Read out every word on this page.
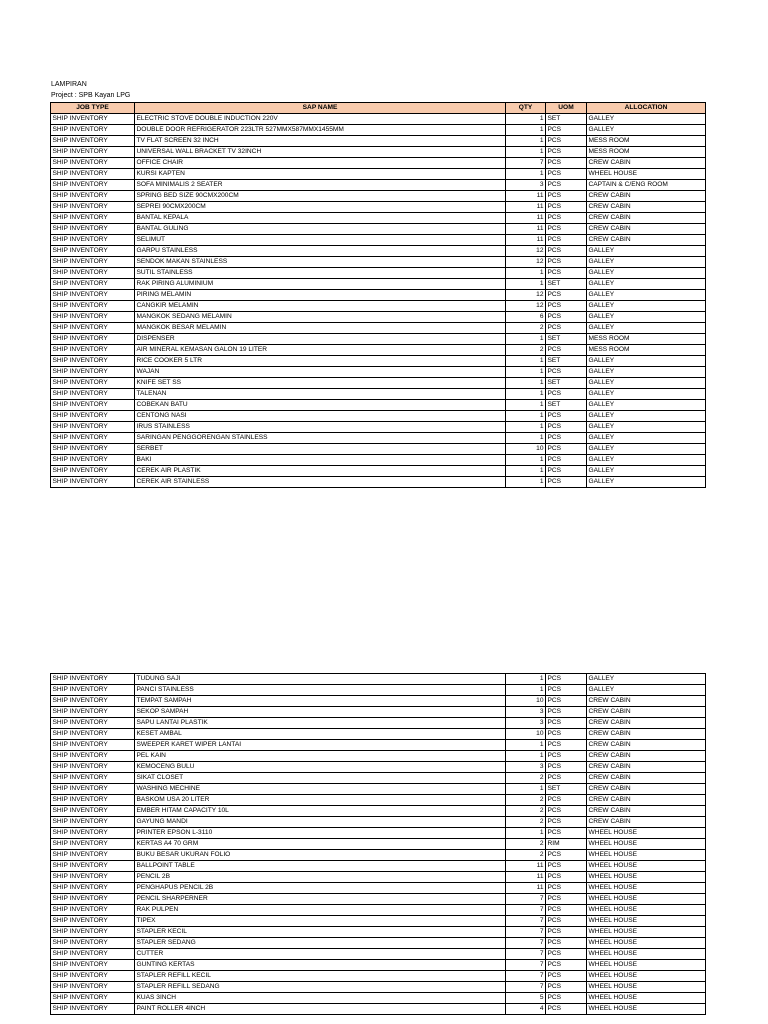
LAMPIRAN
Project : SPB Kayan LPG
JOB TYPE	SAP NAME	QTY	UOM	ALLOCATION
SHIP INVENTORY	ELECTRIC STOVE DOUBLE INDUCTION 220V	1	SET	GALLEY
SHIP INVENTORY	DOUBLE DOOR REFRIGERATOR 223LTR 527MMX587MMX1455MM	1	PCS	GALLEY
SHIP INVENTORY	TV FLAT SCREEN 32 INCH	1	PCS	MESS ROOM
SHIP INVENTORY	UNIVERSAL WALL BRACKET TV 32INCH	1	PCS	MESS ROOM
SHIP INVENTORY	OFFICE CHAIR	7	PCS	CREW CABIN
SHIP INVENTORY	KURSI KAPTEN	1	PCS	WHEEL HOUSE
SHIP INVENTORY	SOFA MINIMALIS 2 SEATER	3	PCS	CAPTAIN & C/ENG ROOM
SHIP INVENTORY	SPRING BED SIZE 90CMX200CM	11	PCS	CREW CABIN
SHIP INVENTORY	SEPREI 90CMX200CM	11	PCS	CREW CABIN
SHIP INVENTORY	BANTAL KEPALA	11	PCS	CREW CABIN
SHIP INVENTORY	BANTAL GULING	11	PCS	CREW CABIN
SHIP INVENTORY	SELIMUT	11	PCS	CREW CABIN
SHIP INVENTORY	GARPU STAINLESS	12	PCS	GALLEY
SHIP INVENTORY	SENDOK MAKAN STAINLESS	12	PCS	GALLEY
SHIP INVENTORY	SUTIL STAINLESS	1	PCS	GALLEY
SHIP INVENTORY	RAK PIRING ALUMINIUM	1	SET	GALLEY
SHIP INVENTORY	PIRING MELAMIN	12	PCS	GALLEY
SHIP INVENTORY	CANGKIR MELAMIN	12	PCS	GALLEY
SHIP INVENTORY	MANGKOK SEDANG MELAMIN	6	PCS	GALLEY
SHIP INVENTORY	MANGKOK BESAR MELAMIN	2	PCS	GALLEY
SHIP INVENTORY	DISPENSER	1	SET	MESS ROOM
SHIP INVENTORY	AIR MINERAL KEMASAN GALON 19 LITER	2	PCS	MESS ROOM
SHIP INVENTORY	RICE COOKER 5 LTR	1	SET	GALLEY
SHIP INVENTORY	WAJAN	1	PCS	GALLEY
SHIP INVENTORY	KNIFE SET SS	1	SET	GALLEY
SHIP INVENTORY	TALENAN	1	PCS	GALLEY
SHIP INVENTORY	COBEKAN BATU	1	SET	GALLEY
SHIP INVENTORY	CENTONG NASI	1	PCS	GALLEY
SHIP INVENTORY	IRUS STAINLESS	1	PCS	GALLEY
SHIP INVENTORY	SARINGAN PENGGORENGAN STAINLESS	1	PCS	GALLEY
SHIP INVENTORY	SERBET	10	PCS	GALLEY
SHIP INVENTORY	BAKI	1	PCS	GALLEY
SHIP INVENTORY	CEREK AIR PLASTIK	1	PCS	GALLEY
SHIP INVENTORY	CEREK AIR STAINLESS	1	PCS	GALLEY
SHIP INVENTORY	TUDUNG SAJI	1	PCS	GALLEY
SHIP INVENTORY	PANCI STAINLESS	1	PCS	GALLEY
SHIP INVENTORY	TEMPAT SAMPAH	10	PCS	CREW CABIN
SHIP INVENTORY	SEKOP SAMPAH	3	PCS	CREW CABIN
SHIP INVENTORY	SAPU LANTAI PLASTIK	3	PCS	CREW CABIN
SHIP INVENTORY	KESET AMBAL	10	PCS	CREW CABIN
SHIP INVENTORY	SWEEPER KARET WIPER LANTAI	1	PCS	CREW CABIN
SHIP INVENTORY	PEL KAIN	1	PCS	CREW CABIN
SHIP INVENTORY	KEMOCENG BULU	3	PCS	CREW CABIN
SHIP INVENTORY	SIKAT CLOSET	2	PCS	CREW CABIN
SHIP INVENTORY	WASHING MECHINE	1	SET	CREW CABIN
SHIP INVENTORY	BASKOM USA 20 LITER	2	PCS	CREW CABIN
SHIP INVENTORY	EMBER HITAM CAPACITY 10L	2	PCS	CREW CABIN
SHIP INVENTORY	GAYUNG MANDI	2	PCS	CREW CABIN
SHIP INVENTORY	PRINTER EPSON L-3110	1	PCS	WHEEL HOUSE
SHIP INVENTORY	KERTAS A4 70 GRM	2	RIM	WHEEL HOUSE
SHIP INVENTORY	BUKU BESAR UKURAN FOLIO	2	PCS	WHEEL HOUSE
SHIP INVENTORY	BALLPOINT TABLE	11	PCS	WHEEL HOUSE
SHIP INVENTORY	PENCIL 2B	11	PCS	WHEEL HOUSE
SHIP INVENTORY	PENGHAPUS PENCIL 2B	11	PCS	WHEEL HOUSE
SHIP INVENTORY	PENCIL SHARPERNER	7	PCS	WHEEL HOUSE
SHIP INVENTORY	RAK PULPEN	7	PCS	WHEEL HOUSE
SHIP INVENTORY	TIPEX	7	PCS	WHEEL HOUSE
SHIP INVENTORY	STAPLER KECIL	7	PCS	WHEEL HOUSE
SHIP INVENTORY	STAPLER SEDANG	7	PCS	WHEEL HOUSE
SHIP INVENTORY	CUTTER	7	PCS	WHEEL HOUSE
SHIP INVENTORY	GUNTING KERTAS	7	PCS	WHEEL HOUSE
SHIP INVENTORY	STAPLER REFILL KECIL	7	PCS	WHEEL HOUSE
SHIP INVENTORY	STAPLER REFILL SEDANG	7	PCS	WHEEL HOUSE
SHIP INVENTORY	KUAS 3INCH	5	PCS	WHEEL HOUSE
SHIP INVENTORY	PAINT ROLLER 4INCH	4	PCS	WHEEL HOUSE
